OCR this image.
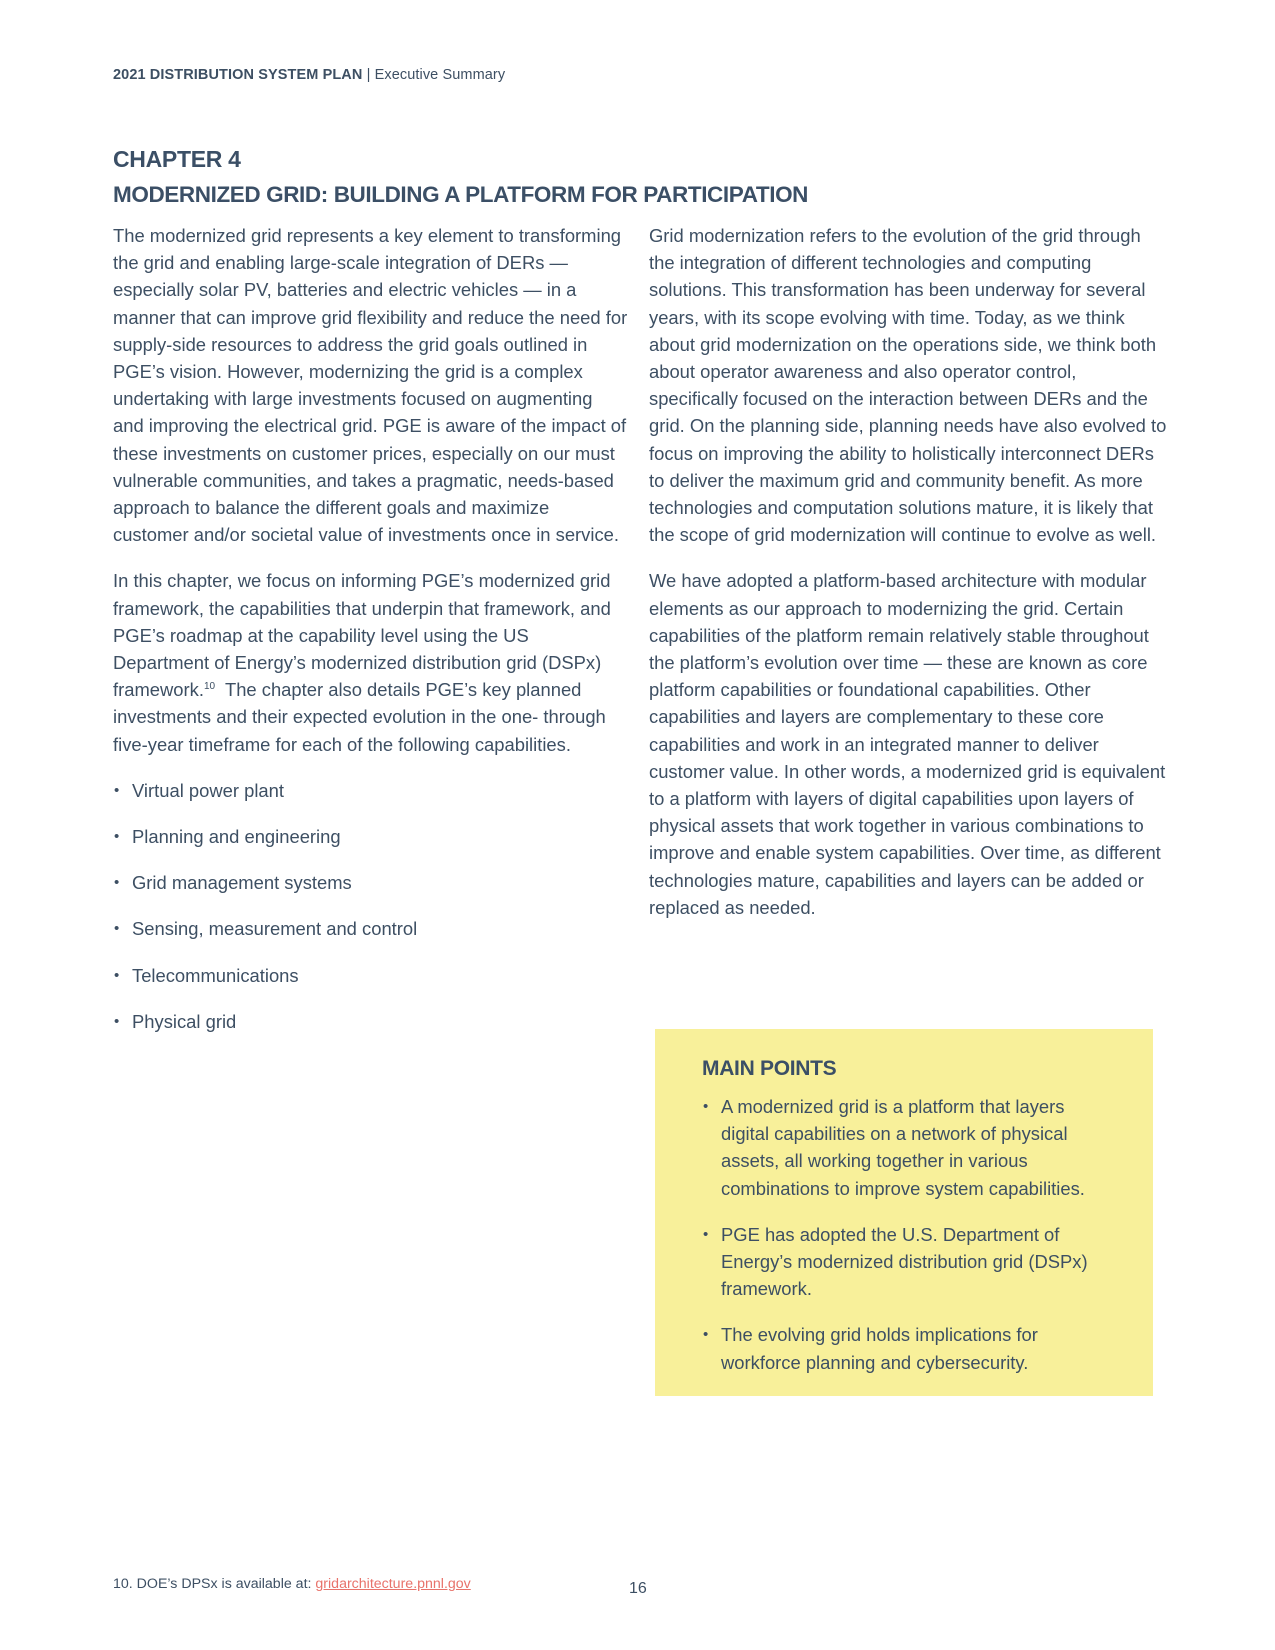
2021 DISTRIBUTION SYSTEM PLAN | Executive Summary
CHAPTER 4
MODERNIZED GRID: BUILDING A PLATFORM FOR PARTICIPATION

The modernized grid represents a key element to transforming the grid and enabling large-scale integration of DERs —especially solar PV, batteries and electric vehicles — in a manner that can improve grid flexibility and reduce the need for supply-side resources to address the grid goals outlined in PGE’s vision. However, modernizing the grid is a complex undertaking with large investments focused on augmenting and improving the electrical grid. PGE is aware of the impact of these investments on customer prices, especially on our must vulnerable communities, and takes a pragmatic, needs-based approach to balance the different goals and maximize customer and/or societal value of investments once in service.

In this chapter, we focus on informing PGE’s modernized grid framework, the capabilities that underpin that framework, and PGE’s roadmap at the capability level using the US Department of Energy’s modernized distribution grid (DSPx) framework.$^{10}$  The chapter also details PGE’s key planned investments and their expected evolution in the one- through five-year timeframe for each of the following capabilities.

• Virtual power plant
• Planning and engineering
• Grid management systems
• Sensing, measurement and control
• Telecommunications
• Physical grid

Grid modernization refers to the evolution of the grid through the integration of different technologies and computing solutions. This transformation has been underway for several years, with its scope evolving with time. Today, as we think about grid modernization on the operations side, we think both about operator awareness and also operator control, specifically focused on the interaction between DERs and the grid. On the planning side, planning needs have also evolved to focus on improving the ability to holistically interconnect DERs to deliver the maximum grid and community benefit. As more technologies and computation solutions mature, it is likely that the scope of grid modernization will continue to evolve as well.

We have adopted a platform-based architecture with modular elements as our approach to modernizing the grid. Certain capabilities of the platform remain relatively stable throughout the platform’s evolution over time — these are known as core platform capabilities or foundational capabilities. Other capabilities and layers are complementary to these core capabilities and work in an integrated manner to deliver customer value. In other words, a modernized grid is equivalent to a platform with layers of digital capabilities upon layers of physical assets that work together in various combinations to improve and enable system capabilities. Over time, as different technologies mature, capabilities and layers can be added or replaced as needed.

MAIN POINTS
• A modernized grid is a platform that layers digital capabilities on a network of physical assets, all working together in various combinations to improve system capabilities.
• PGE has adopted the U.S. Department of Energy’s modernized distribution grid (DSPx) framework.
• The evolving grid holds implications for workforce planning and cybersecurity.
10. DOE’s DPSx is available at: gridarchitecture.pnnl.gov	16
